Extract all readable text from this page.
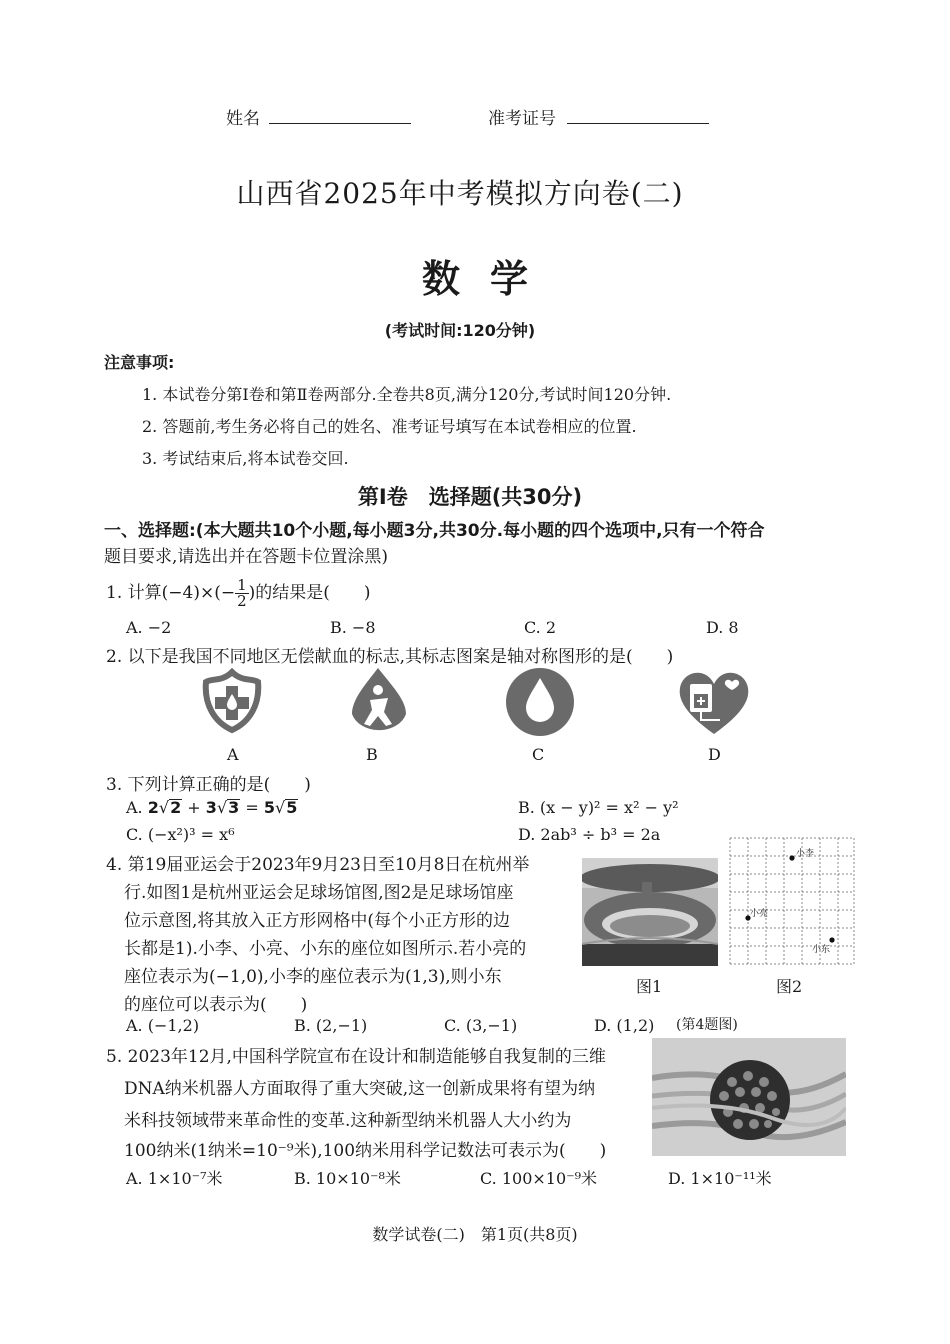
姓名	准考证号
山西省2025年中考模拟方向卷(二)
数学
(考试时间:120分钟)
注意事项:
1. 本试卷分第Ⅰ卷和第Ⅱ卷两部分.全卷共8页,满分120分,考试时间120分钟.
2. 答题前,考生务必将自己的姓名、准考证号填写在本试卷相应的位置.
3. 考试结束后,将本试卷交回.
第Ⅰ卷　选择题(共30分)
一、选择题:(本大题共10个小题,每小题3分,共30分.每小题的四个选项中,只有一个符合
题目要求,请选出并在答题卡位置涂黑)
1. 计算$(-4)\times(- \frac{1}{2}$ )的结果是(　　)
A. −2	B. −8	C. 2	D. 8
2. 以下是我国不同地区无偿献血的标志,其标志图案是轴对称图形的是(　　)
A	B	C	D
3. 下列计算正确的是(　　)
A. 2√2 + 3√3 = 5√5	B. (x − y)² = x² − y²
C. (−x²)³ = x⁶	D. 2ab³ ÷ b³ = 2a
4. 第19届亚运会于2023年9月23日至10月8日在杭州举
行.如图1是杭州亚运会足球场馆图,图2是足球场馆座
位示意图,将其放入正方形网格中(每个小正方形的边
长都是1).小李、小亮、小东的座位如图所示.若小亮的
座位表示为(−1,0),小李的座位表示为(1,3),则小东
的座位可以表示为(　　)
小李
小亮
小东
图1	图2
A. (−1,2)	B. (2,−1)	C. (3,−1)	D. (1,2) (第4题图)
5. 2023年12月,中国科学院宣布在设计和制造能够自我复制的三维
DNA纳米机器人方面取得了重大突破,这一创新成果将有望为纳
米科技领域带来革命性的变革.这种新型纳米机器人大小约为
100纳米(1纳米=10⁻⁹米),100纳米用科学记数法可表示为(　　)
A. 1×10⁻⁷米	B. 10×10⁻⁸米	C. 100×10⁻⁹米	D. 1×10⁻¹¹米
数学试卷(二)　第1页(共8页)
